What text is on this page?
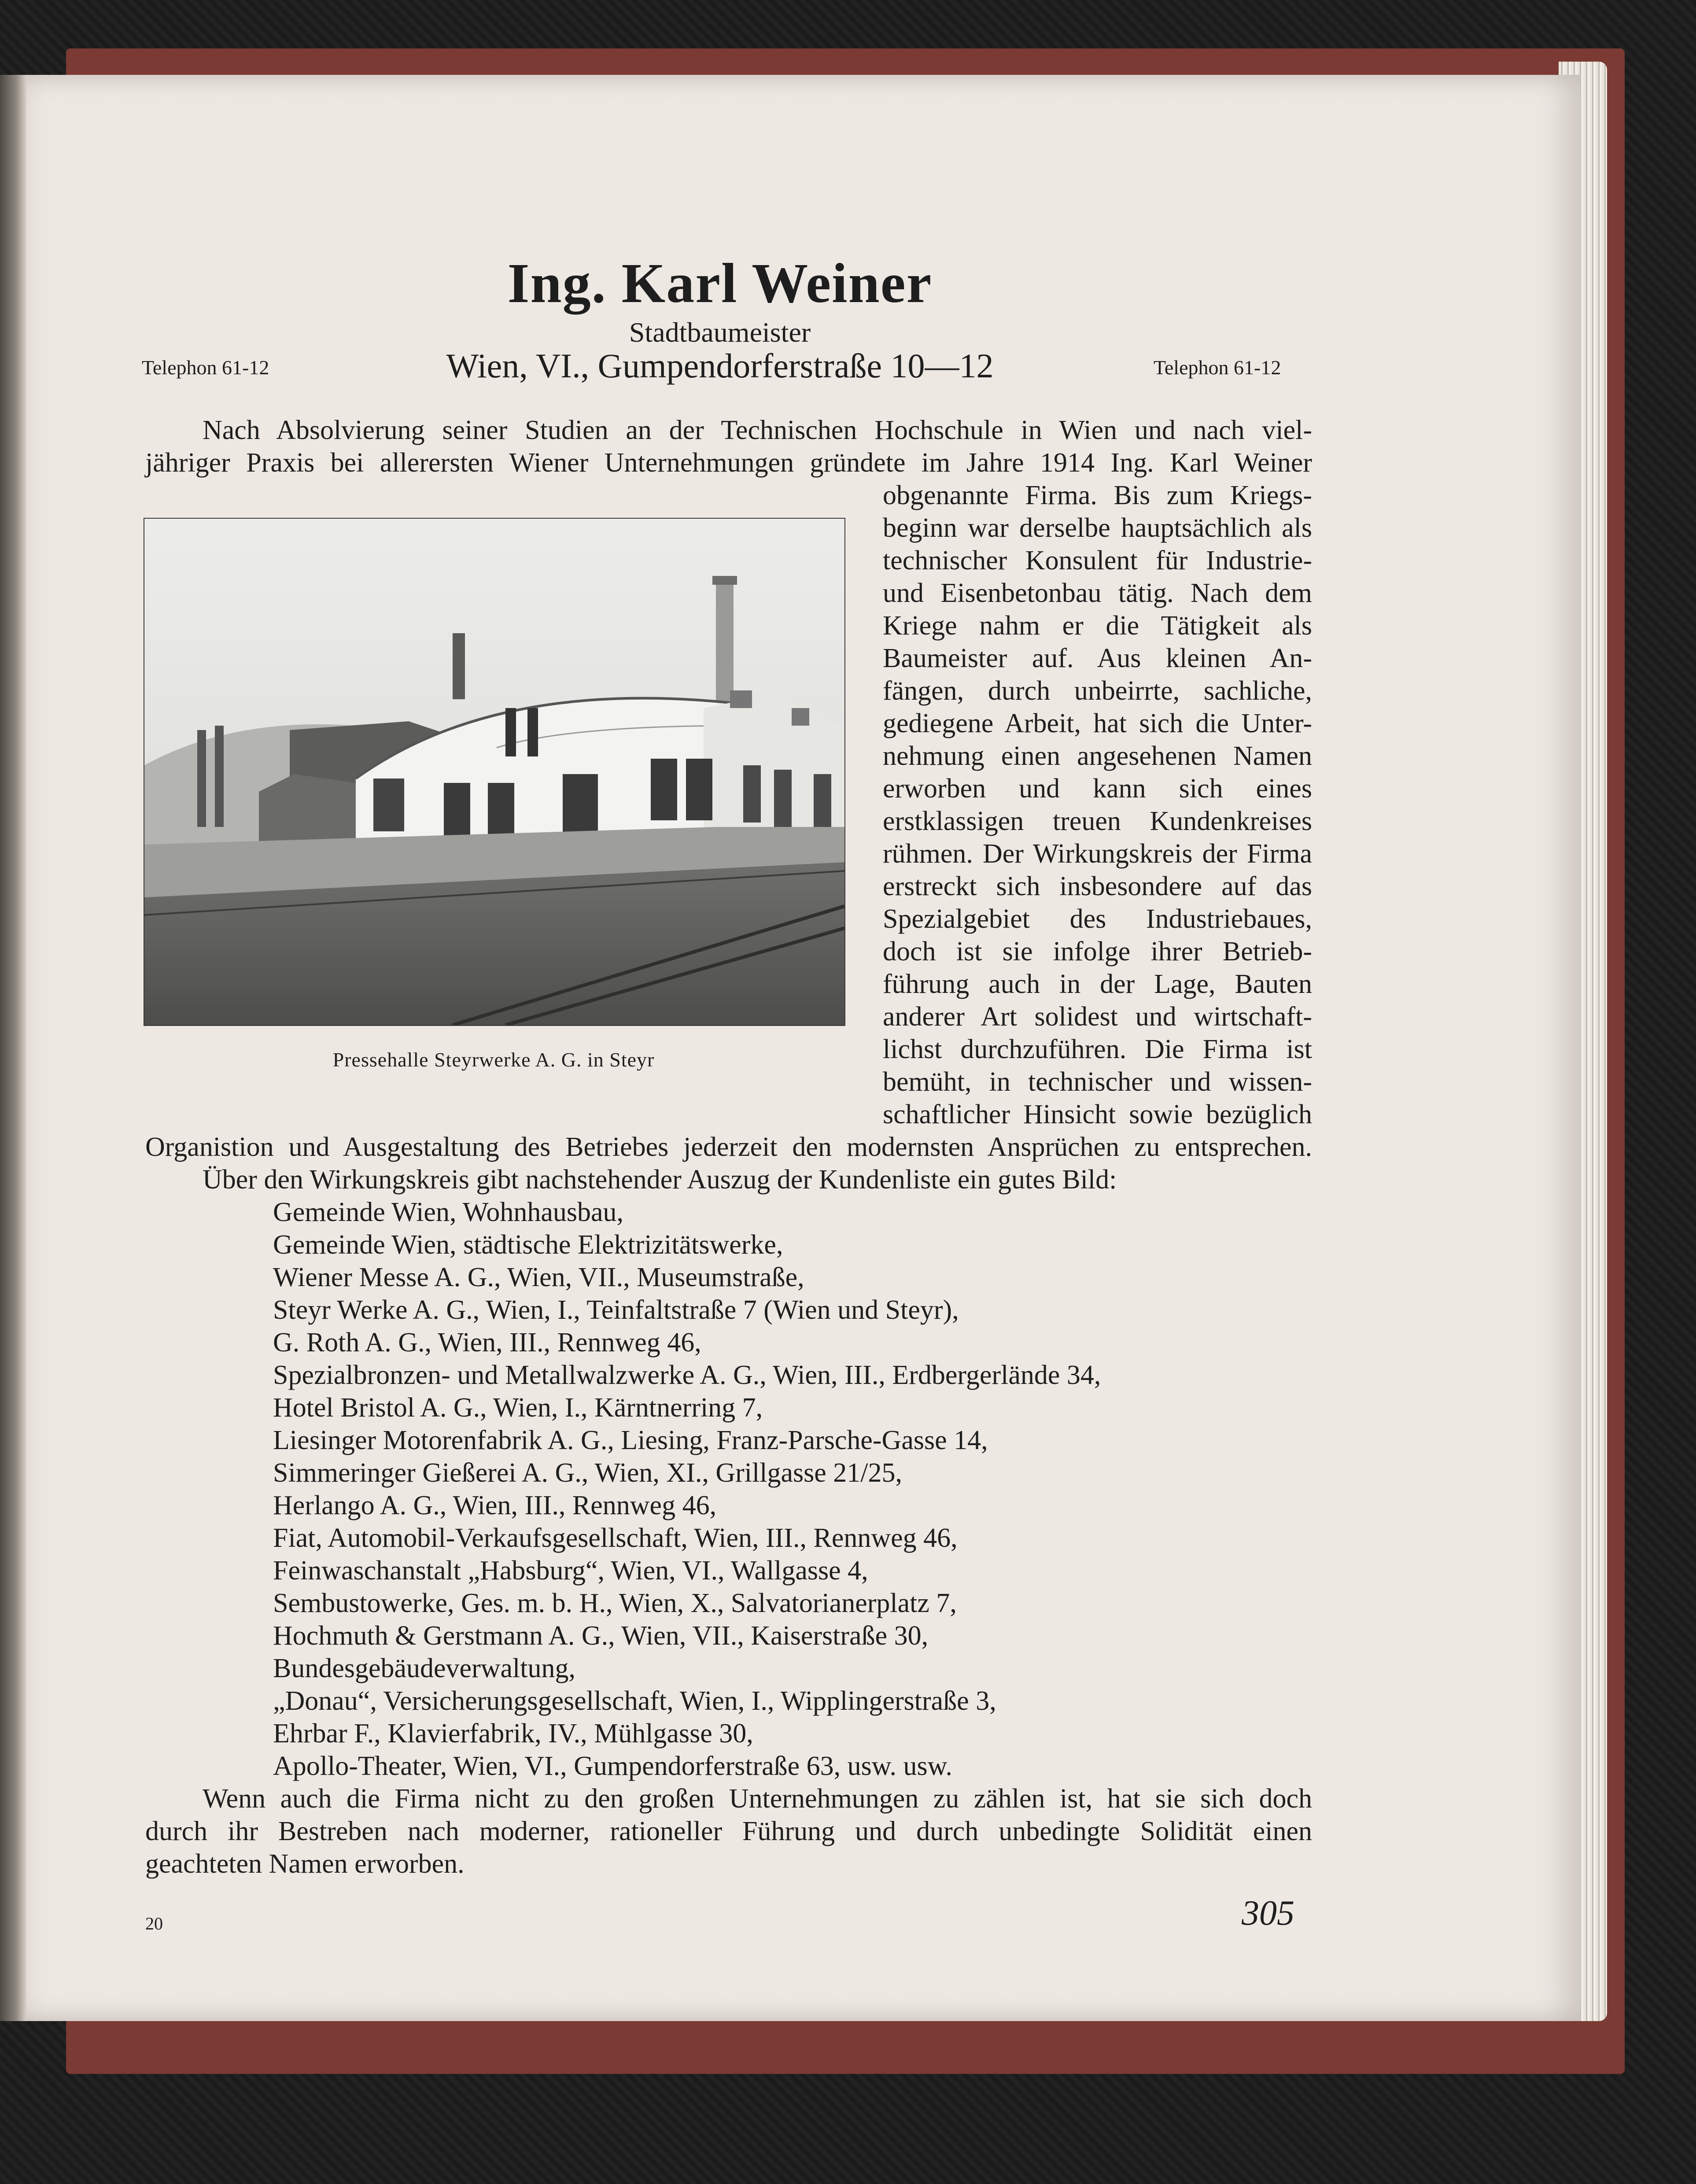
Ing. Karl Weiner
Stadtbaumeister
Wien, VI., Gumpendorferstraße 10—12
Telephon 61-12	Telephon 61-12
Nach Absolvierung seiner Studien an der Technischen Hochschule in Wien und nach viel-
jähriger Praxis bei allerersten Wiener Unternehmungen gründete im Jahre 1914 Ing. Karl Weiner
obgenannte Firma. Bis zum Kriegs-
beginn war derselbe hauptsächlich als
technischer Konsulent für Industrie-
und Eisenbetonbau tätig. Nach dem
Kriege nahm er die Tätigkeit als
Baumeister auf. Aus kleinen An-
fängen, durch unbeirrte, sachliche,
gediegene Arbeit, hat sich die Unter-
nehmung einen angesehenen Namen
erworben und kann sich eines
erstklassigen treuen Kundenkreises
rühmen. Der Wirkungskreis der Firma
erstreckt sich insbesondere auf das
Spezialgebiet des Industriebaues,
doch ist sie infolge ihrer Betrieb-
führung auch in der Lage, Bauten
anderer Art solidest und wirtschaft-
lichst durchzuführen. Die Firma ist
bemüht, in technischer und wissen-
schaftlicher Hinsicht sowie bezüglich
Organistion und Ausgestaltung des Betriebes jederzeit den modernsten Ansprüchen zu entsprechen.
Pressehalle Steyrwerke A. G. in Steyr
Über den Wirkungskreis gibt nachstehender Auszug der Kundenliste ein gutes Bild:
Gemeinde Wien, Wohnhausbau,
Gemeinde Wien, städtische Elektrizitätswerke,
Wiener Messe A. G., Wien, VII., Museumstraße,
Steyr Werke A. G., Wien, I., Teinfaltstraße 7 (Wien und Steyr),
G. Roth A. G., Wien, III., Rennweg 46,
Spezialbronzen- und Metallwalzwerke A. G., Wien, III., Erdbergerlände 34,
Hotel Bristol A. G., Wien, I., Kärntnerring 7,
Liesinger Motorenfabrik A. G., Liesing, Franz-Parsche-Gasse 14,
Simmeringer Gießerei A. G., Wien, XI., Grillgasse 21/25,
Herlango A. G., Wien, III., Rennweg 46,
Fiat, Automobil-Verkaufsgesellschaft, Wien, III., Rennweg 46,
Feinwaschanstalt „Habsburg“, Wien, VI., Wallgasse 4,
Sembustowerke, Ges. m. b. H., Wien, X., Salvatorianerplatz 7,
Hochmuth & Gerstmann A. G., Wien, VII., Kaiserstraße 30,
Bundesgebäudeverwaltung,
„Donau“, Versicherungsgesellschaft, Wien, I., Wipplingerstraße 3,
Ehrbar F., Klavierfabrik, IV., Mühlgasse 30,
Apollo-Theater, Wien, VI., Gumpendorferstraße 63, usw. usw.
Wenn auch die Firma nicht zu den großen Unternehmungen zu zählen ist, hat sie sich doch
durch ihr Bestreben nach moderner, rationeller Führung und durch unbedingte Solidität einen
geachteten Namen erworben.
20	305
